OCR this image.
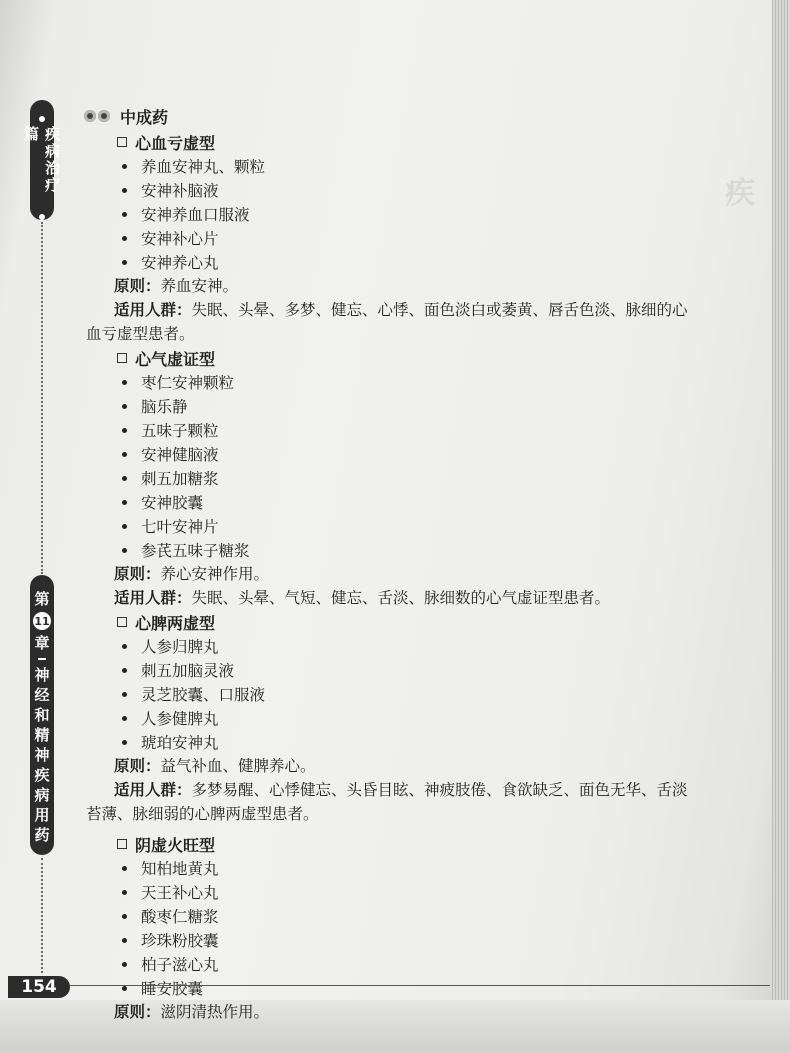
疾
疾病治疗篇
第
11
章
神
经
和
精
神
疾
病
用
药
中成药
心血亏虚型
养血安神丸、颗粒
安神补脑液
安神养血口服液
安神补心片
安神养心丸
原则：养血安神。
适用人群：失眠、头晕、多梦、健忘、心悸、面色淡白或萎黄、唇舌色淡、脉细的心
血亏虚型患者。
心气虚证型
枣仁安神颗粒
脑乐静
五味子颗粒
安神健脑液
刺五加糖浆
安神胶囊
七叶安神片
参芪五味子糖浆
原则：养心安神作用。
适用人群：失眠、头晕、气短、健忘、舌淡、脉细数的心气虚证型患者。
心脾两虚型
人参归脾丸
刺五加脑灵液
灵芝胶囊、口服液
人参健脾丸
琥珀安神丸
原则：益气补血、健脾养心。
适用人群：多梦易醒、心悸健忘、头昏目眩、神疲肢倦、食欲缺乏、面色无华、舌淡
苔薄、脉细弱的心脾两虚型患者。
阴虚火旺型
知柏地黄丸
天王补心丸
酸枣仁糖浆
珍珠粉胶囊
柏子滋心丸
睡安胶囊
原则：滋阴清热作用。
154
